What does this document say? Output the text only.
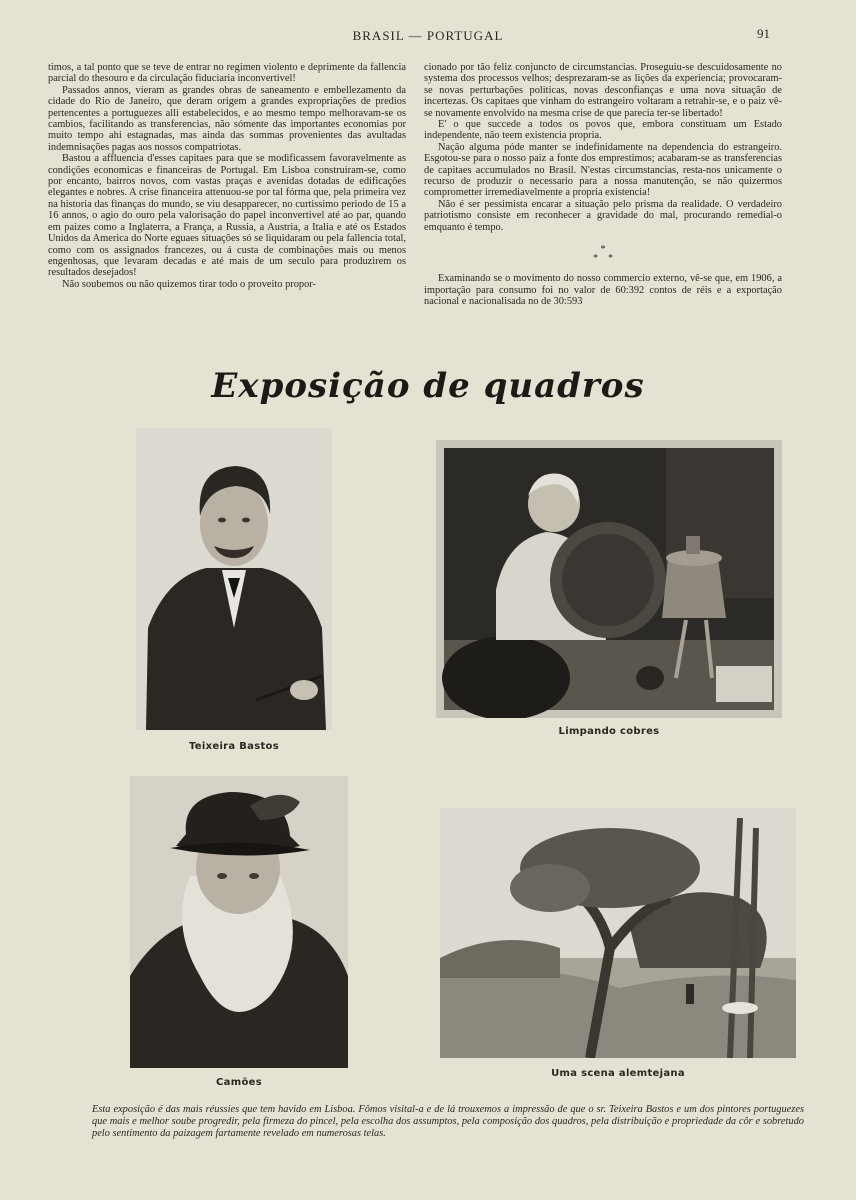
BRASIL — PORTUGAL	91

timos, a tal ponto que se teve de entrar no regimen violento e deprimente da fallencia parcial do thesouro e da circulação fiduciaria inconvertivel!

Passados annos, vieram as grandes obras de saneamento e embellezamento da cidade do Rio de Janeiro, que deram origem a grandes expropriações de predios pertencentes a portuguezes alli estabelecidos, e ao mesmo tempo melhoravam-se os cambios, facilitando as transferencias, não sómente das importantes economias por muito tempo ahi estagnadas, mas ainda das sommas provenientes das avultadas indemnisações pagas aos nossos compatriotas.

Bastou a affluencia d'esses capitaes para que se modificassem favoravelmente as condições economicas e financeiras de Portugal. Em Lisboa construiram-se, como por encanto, bairros novos, com vastas praças e avenidas dotadas de edificações elegantes e nobres. A crise financeira attenuou-se por tal fórma que, pela primeira vez na historia das finanças do mundo, se viu desapparecer, no curtissimo periodo de 15 a 16 annos, o agio do ouro pela valorisação do papel inconvertivel até ao par, quando em paizes como a Inglaterra, a França, a Russia, a Austria, a Italia e até os Estados Unidos da America do Norte eguaes situações só se liquidaram ou pela fallencia total, como com os assignados francezes, ou á custa de combinações mais ou menos engenhosas, que levaram decadas e até mais de um seculo para produzirem os resultados desejados!

Não soubemos ou não quizemos tirar todo o proveito propor-

cionado por tão feliz conjuncto de circumstancias. Proseguiu-se descuidosamente no systema dos processos velhos; desprezaram-se as lições da experiencia; provocaram-se novas perturbações politicas, novas desconfianças e uma nova situação de incertezas. Os capitaes que vinham do estrangeiro voltaram a retrahir-se, e o paiz vê-se novamente envolvido na mesma crise de que parecia ter-se libertado!

E' o que succede a todos os povos que, embora constituam um Estado independente, não teem existencia propria.

Nação alguma póde manter se indefinidamente na dependencia do estrangeiro. Esgotou-se para o nosso paiz a fonte dos emprestimos; acabaram-se as transferencias de capitaes accumulados no Brasil. N'estas circumstancias, resta-nos unicamente o recurso de produzir o necessario para a nossa manutenção, se não quizermos comprometter irremediavelmente a propria existencia!

Não é ser pessimista encarar a situação pelo prisma da realidade. O verdadeiro patriotismo consiste em reconhecer a gravidade do mal, procurando remedial-o emquanto é tempo.

*
*    *

Examinando se o movimento do nosso commercio externo, vê-se que, em 1906, a importação para consumo foi no valor de 60:392 contos de réis e a exportação nacional e nacionalisada no de 30:593

Exposição de quadros
Teixeira Bastos
Limpando cobres
Camões
Uma scena alemtejana
Esta exposição é das mais réussies que tem havido em Lisboa. Fômos visital-a e de lá trouxemos a impressão de que o sr. Teixeira Bastos e um dos pintores portuguezes que mais e melhor soube progredir, pela firmeza do pincel, pela escolha dos assumptos, pela composição dos quadros, pela distribuição e propriedade da côr e sobretudo pelo sentimento da paizagem fartamente revelado em numerosas telas.
